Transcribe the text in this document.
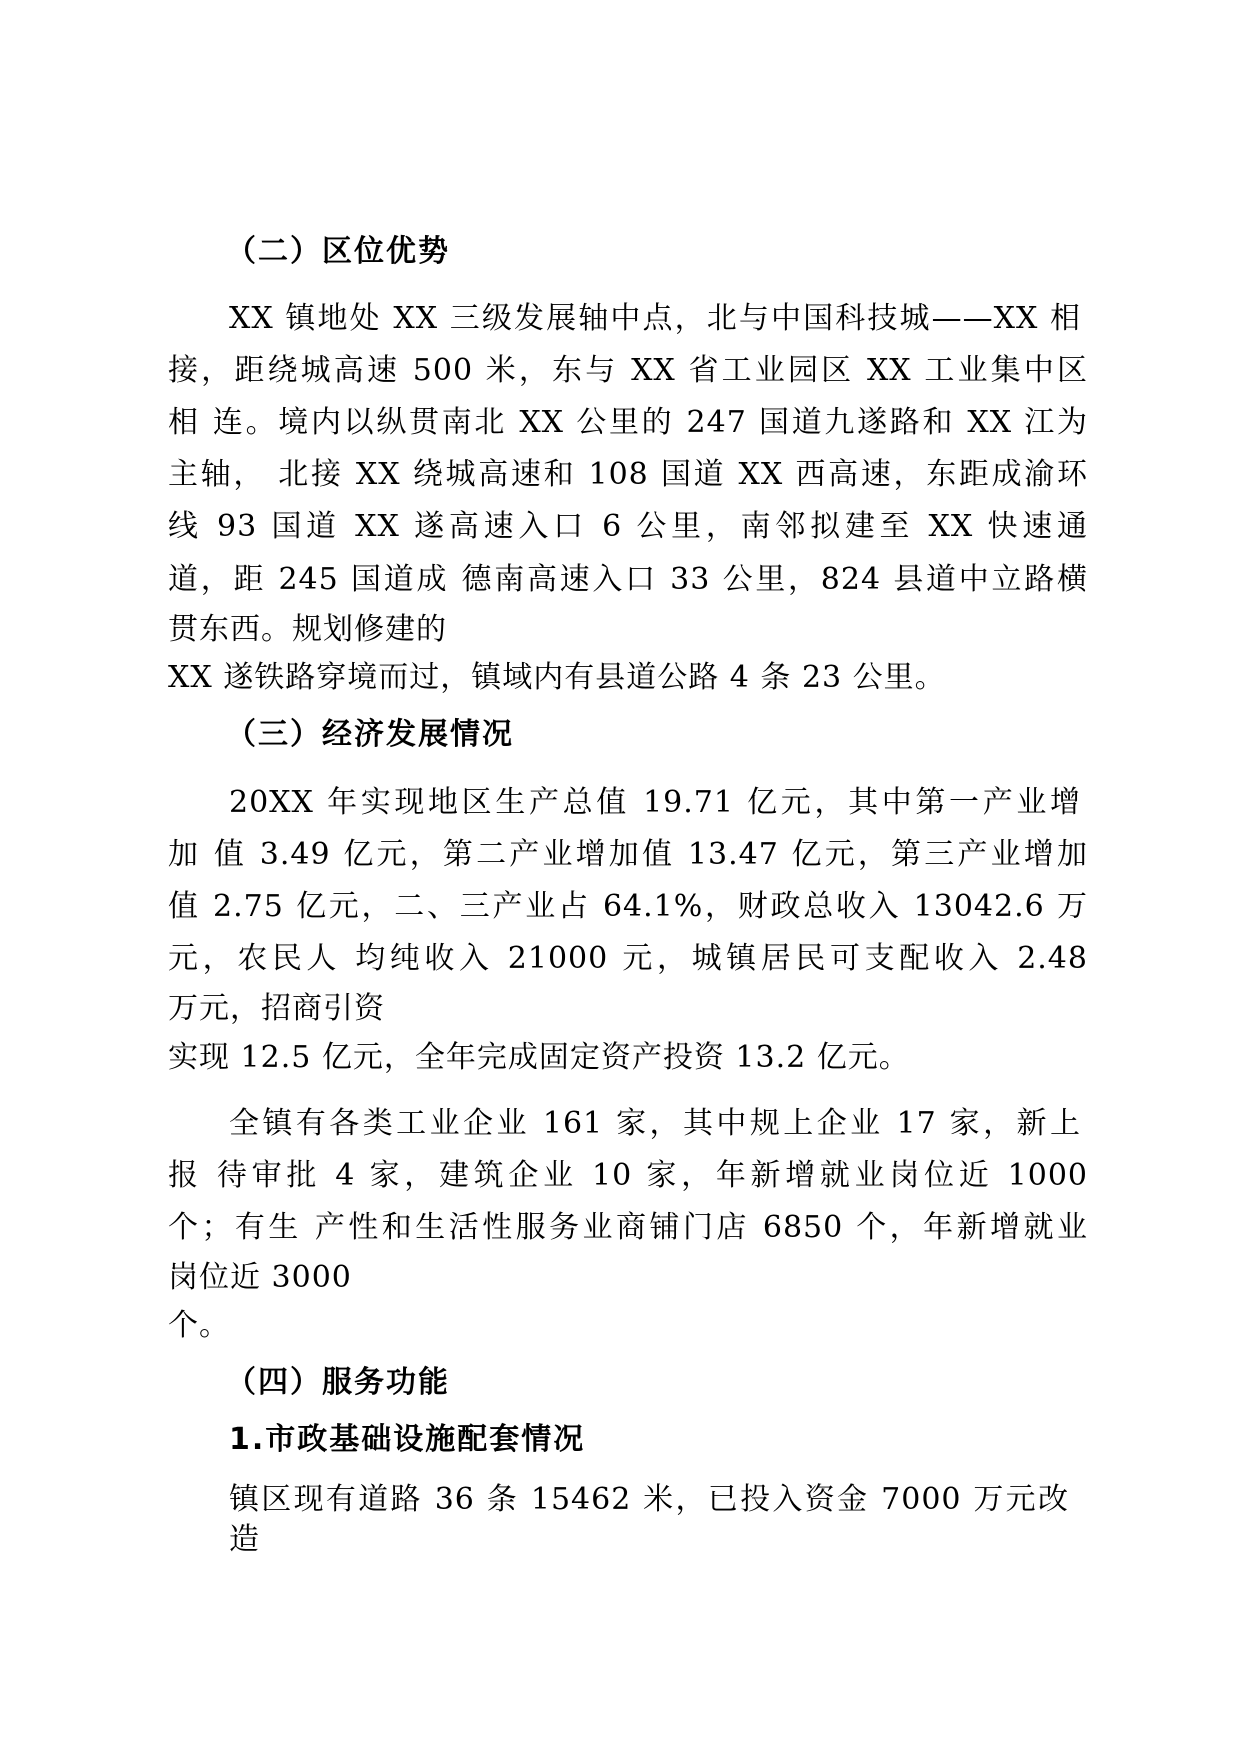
（二）区位优势
XX 镇地处 XX 三级发展轴中点，北与中国科技城——XX 相
接，距绕城高速 500 米，东与 XX 省工业园区 XX 工业集中区
相 连。境内以纵贯南北 XX 公里的 247 国道九遂路和 XX 江为
主轴， 北接 XX 绕城高速和 108 国道 XX 西高速，东距成渝环
线 93 国道 XX 遂高速入口 6 公里，南邻拟建至 XX 快速通
道，距 245 国道成 德南高速入口 33 公里，824 县道中立路横
贯东西。规划修建的
XX 遂铁路穿境而过，镇域内有县道公路 4 条 23 公里。
（三）经济发展情况
20XX 年实现地区生产总值 19.71 亿元，其中第一产业增
加 值 3.49 亿元，第二产业增加值 13.47 亿元，第三产业增加
值 2.75 亿元，二、三产业占 64.1%，财政总收入 13042.6 万
元，农民人 均纯收入 21000 元，城镇居民可支配收入 2.48
万元，招商引资
实现 12.5 亿元，全年完成固定资产投资 13.2 亿元。
全镇有各类工业企业 161 家，其中规上企业 17 家，新上
报 待审批 4 家，建筑企业 10 家，年新增就业岗位近 1000
个；有生 产性和生活性服务业商铺门店 6850 个，年新增就业
岗位近 3000
个。
（四）服务功能
1.市政基础设施配套情况
镇区现有道路 36 条 15462 米，已投入资金 7000 万元改
造
